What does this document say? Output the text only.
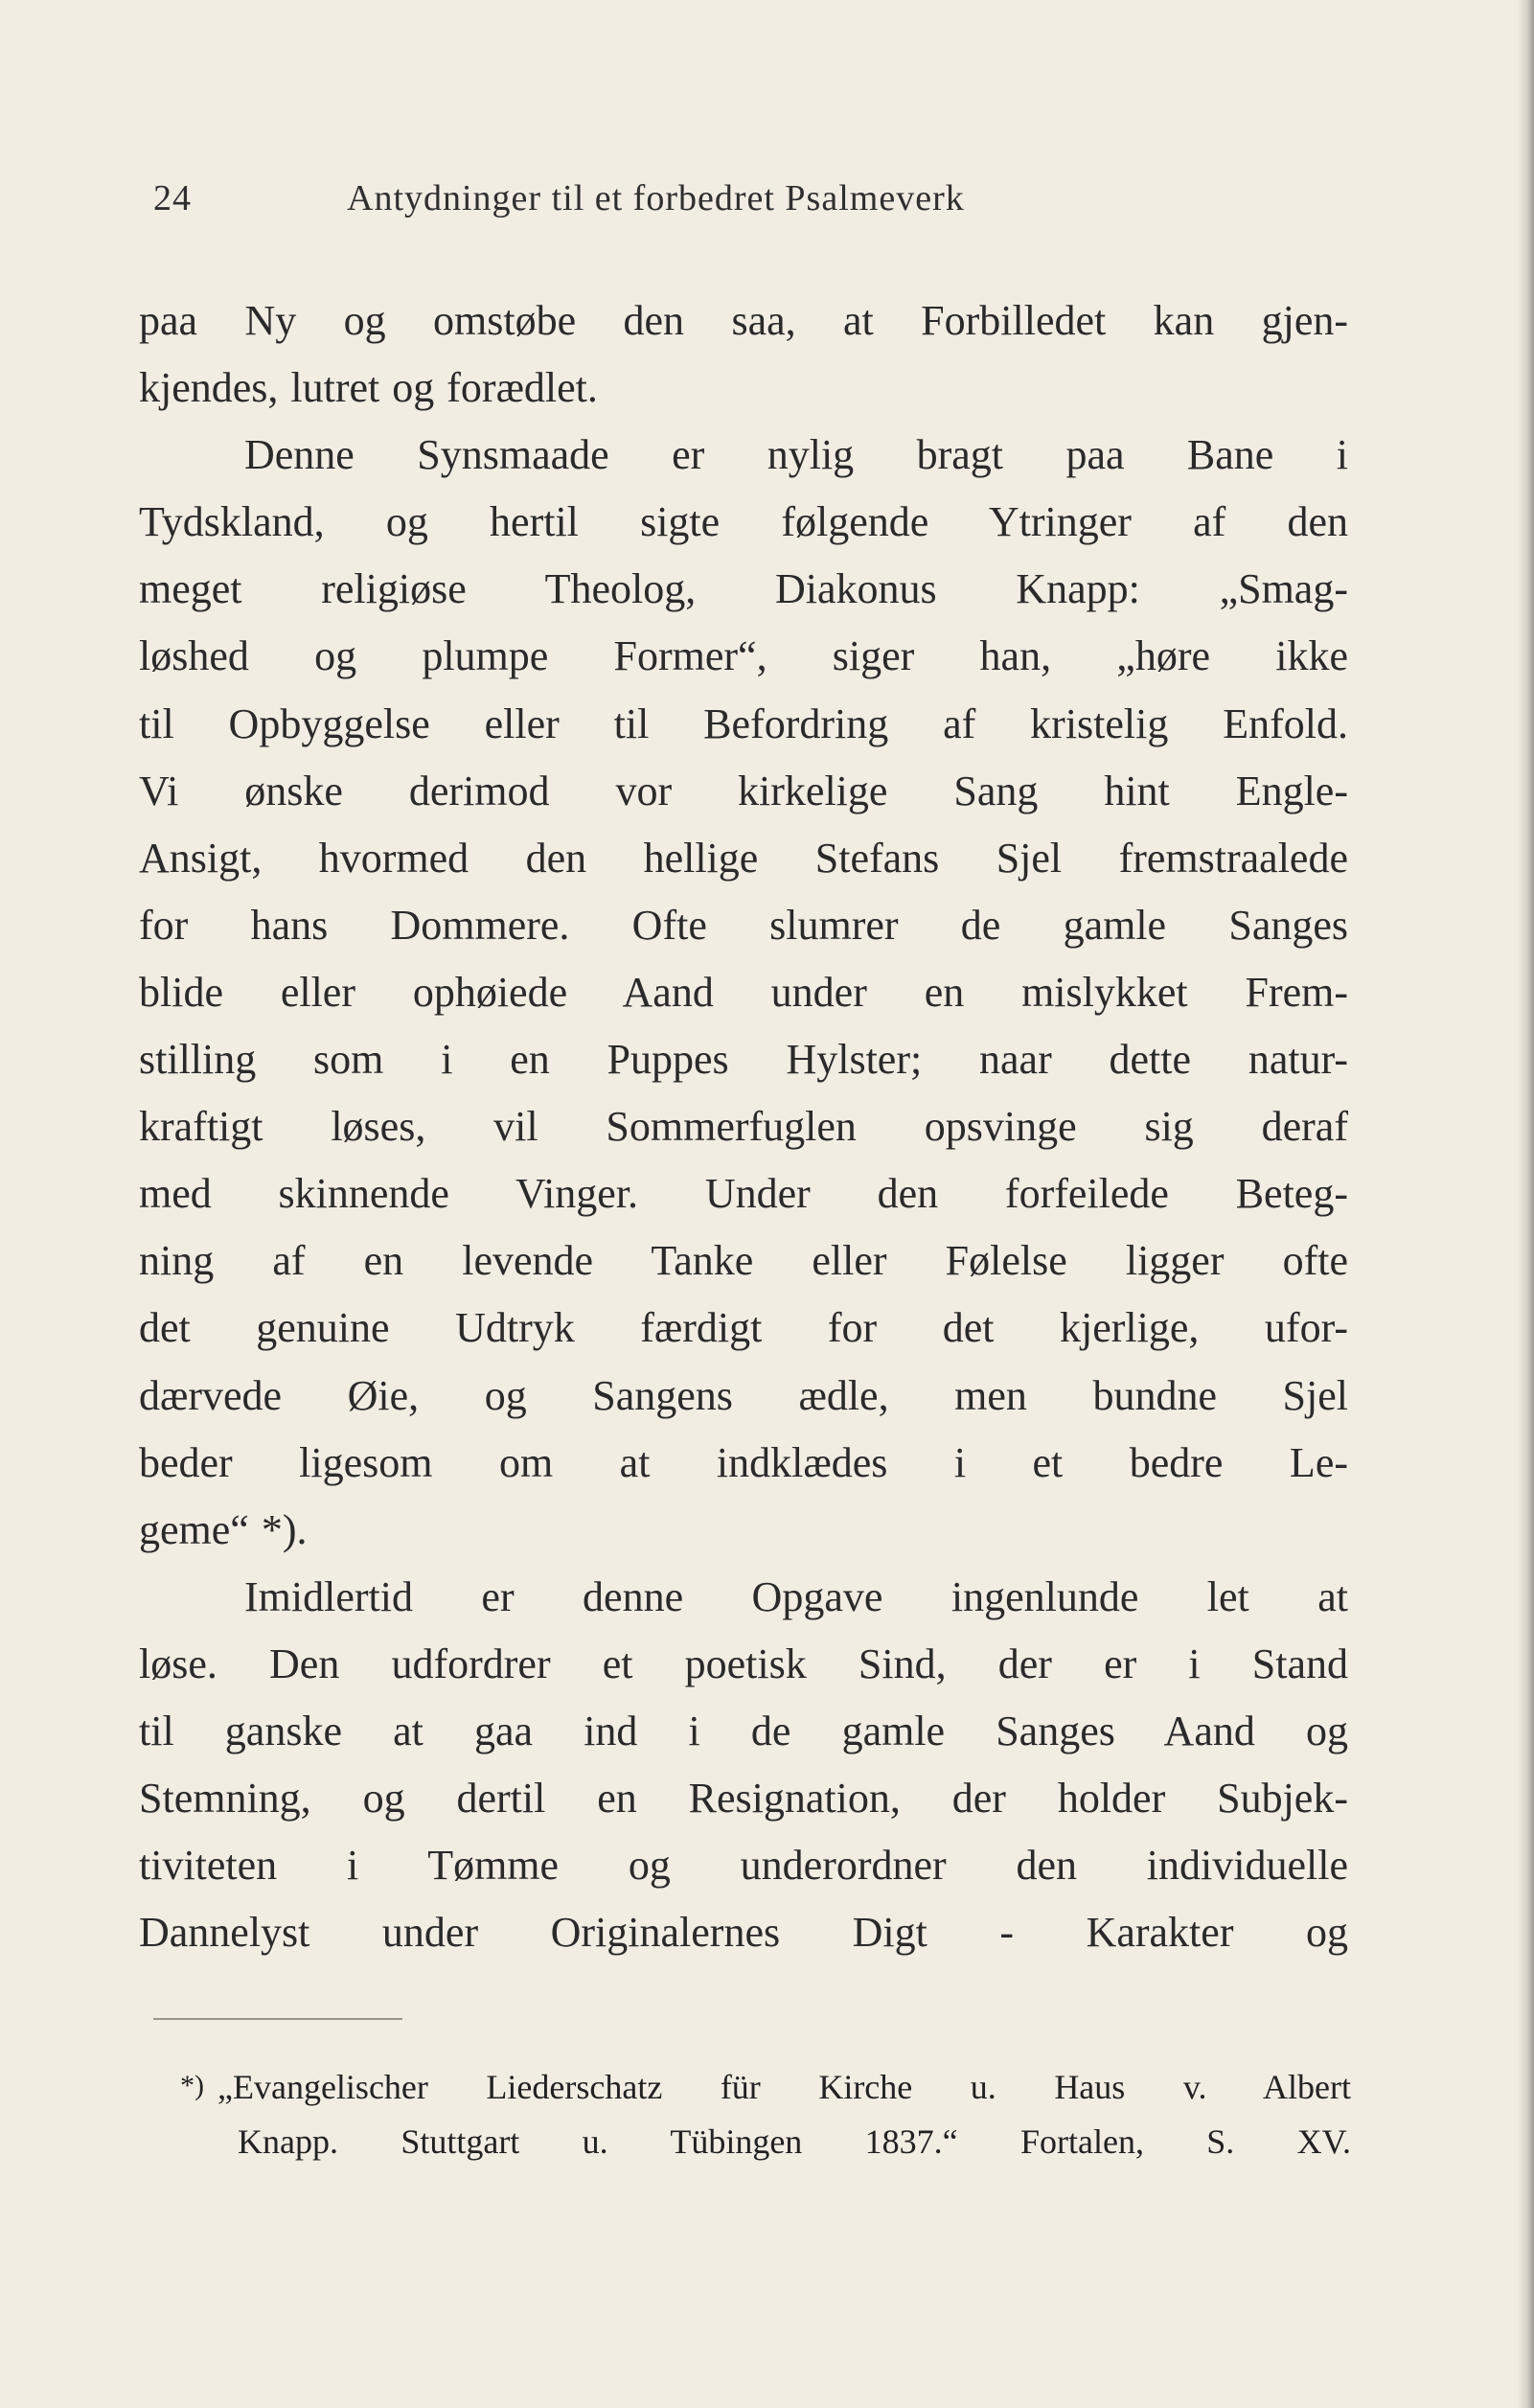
24	Antydninger til et forbedret Psalmeverk
paa Ny og omstøbe den saa, at Forbilledet kan gjen-
kjendes, lutret og forædlet.
Denne Synsmaade er nylig bragt paa Bane i
Tydskland, og hertil sigte følgende Ytringer af den
meget religiøse Theolog, Diakonus Knapp: „Smag-
løshed og plumpe Former“, siger han, „høre ikke
til Opbyggelse eller til Befordring af kristelig Enfold.
Vi ønske derimod vor kirkelige Sang hint Engle-
Ansigt, hvormed den hellige Stefans Sjel fremstraalede
for hans Dommere. Ofte slumrer de gamle Sanges
blide eller ophøiede Aand under en mislykket Frem-
stilling som i en Puppes Hylster; naar dette natur-
kraftigt løses, vil Sommerfuglen opsvinge sig deraf
med skinnende Vinger. Under den forfeilede Beteg-
ning af en levende Tanke eller Følelse ligger ofte
det genuine Udtryk færdigt for det kjerlige, ufor-
dærvede Øie, og Sangens ædle, men bundne Sjel
beder ligesom om at indklædes i et bedre Le-
geme“ *).
Imidlertid er denne Opgave ingenlunde let at
løse. Den udfordrer et poetisk Sind, der er i Stand
til ganske at gaa ind i de gamle Sanges Aand og
Stemning, og dertil en Resignation, der holder Subjek-
tiviteten i Tømme og underordner den individuelle
Dannelyst under Originalernes Digt - Karakter og
*) „Evangelischer Liederschatz für Kirche u. Haus v. Albert
Knapp. Stuttgart u. Tübingen 1837.“ Fortalen, S. XV.
